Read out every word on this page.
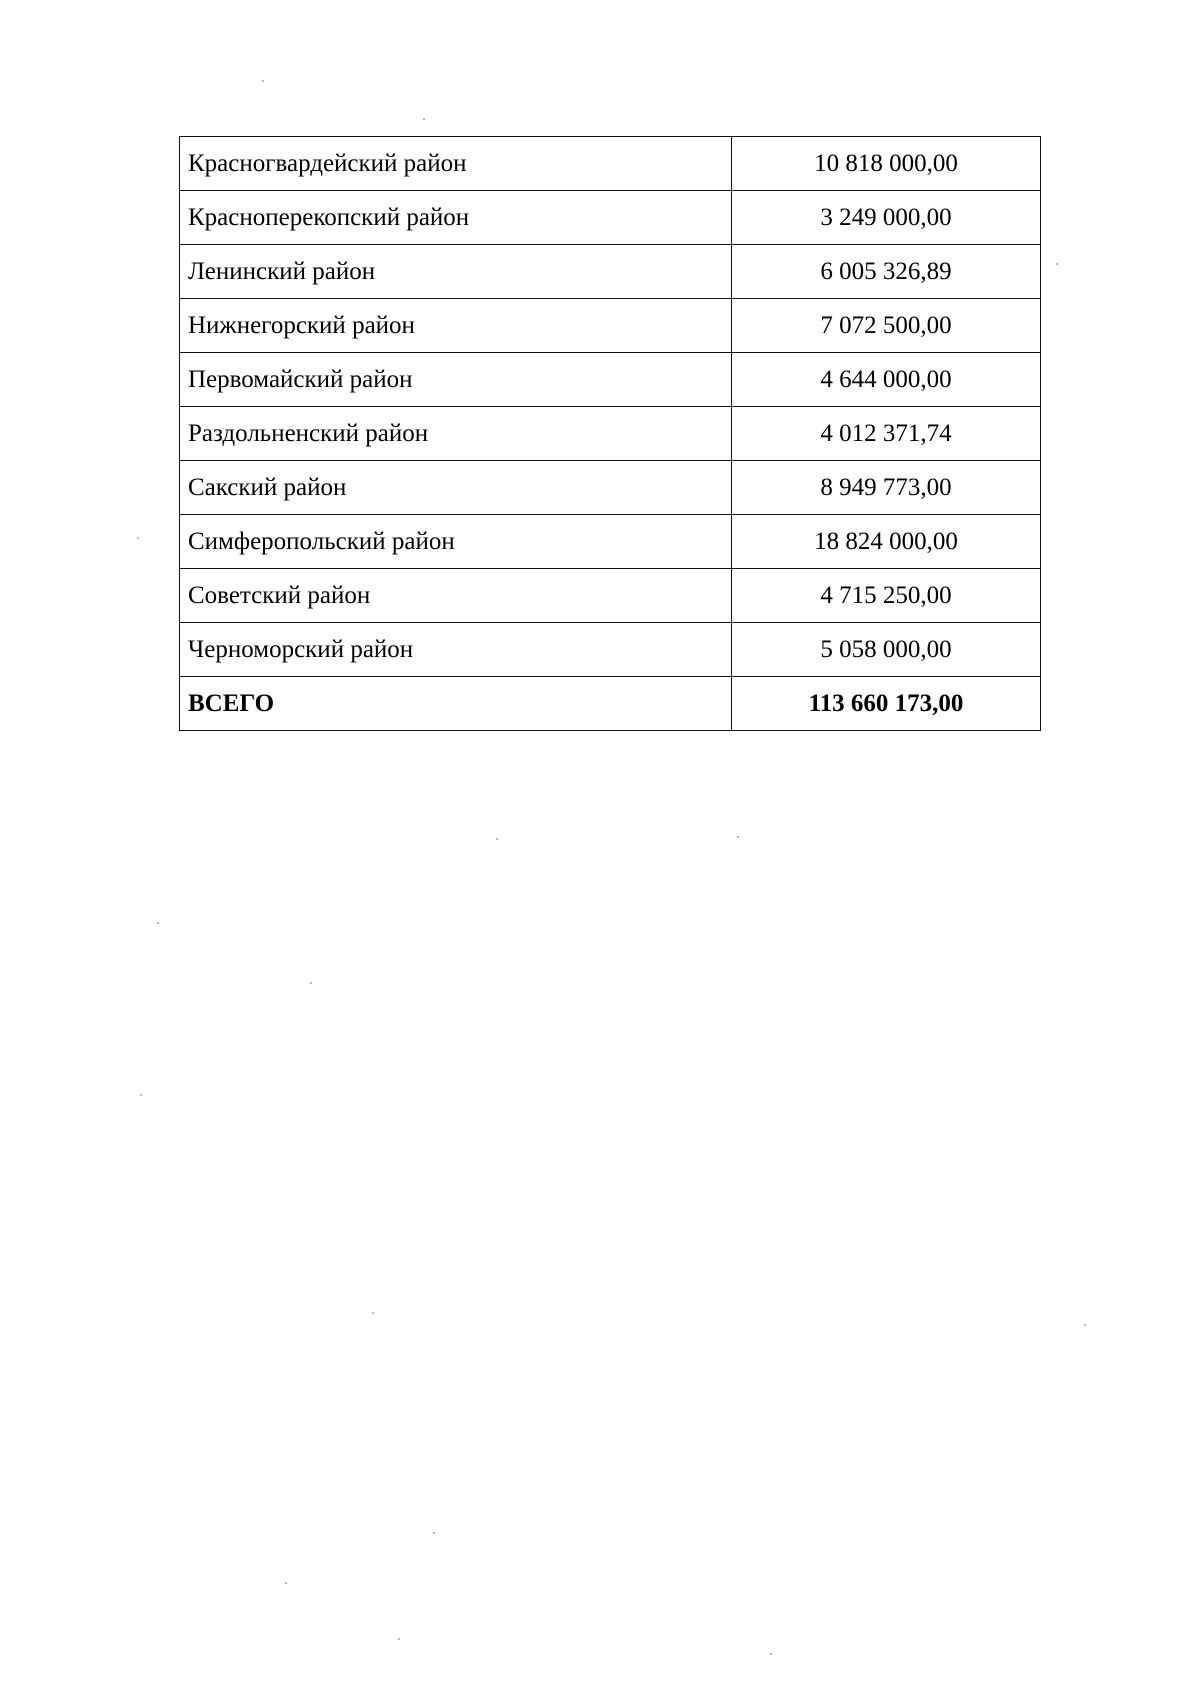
Красногвардейский район	10 818 000,00
Красноперекопский район	3 249 000,00
Ленинский район	6 005 326,89
Нижнегорский район	7 072 500,00
Первомайский район	4 644 000,00
Раздольненский район	4 012 371,74
Сакский район	8 949 773,00
Симферопольский район	18 824 000,00
Советский район	4 715 250,00
Черноморский район	5 058 000,00
ВСЕГО	113 660 173,00
